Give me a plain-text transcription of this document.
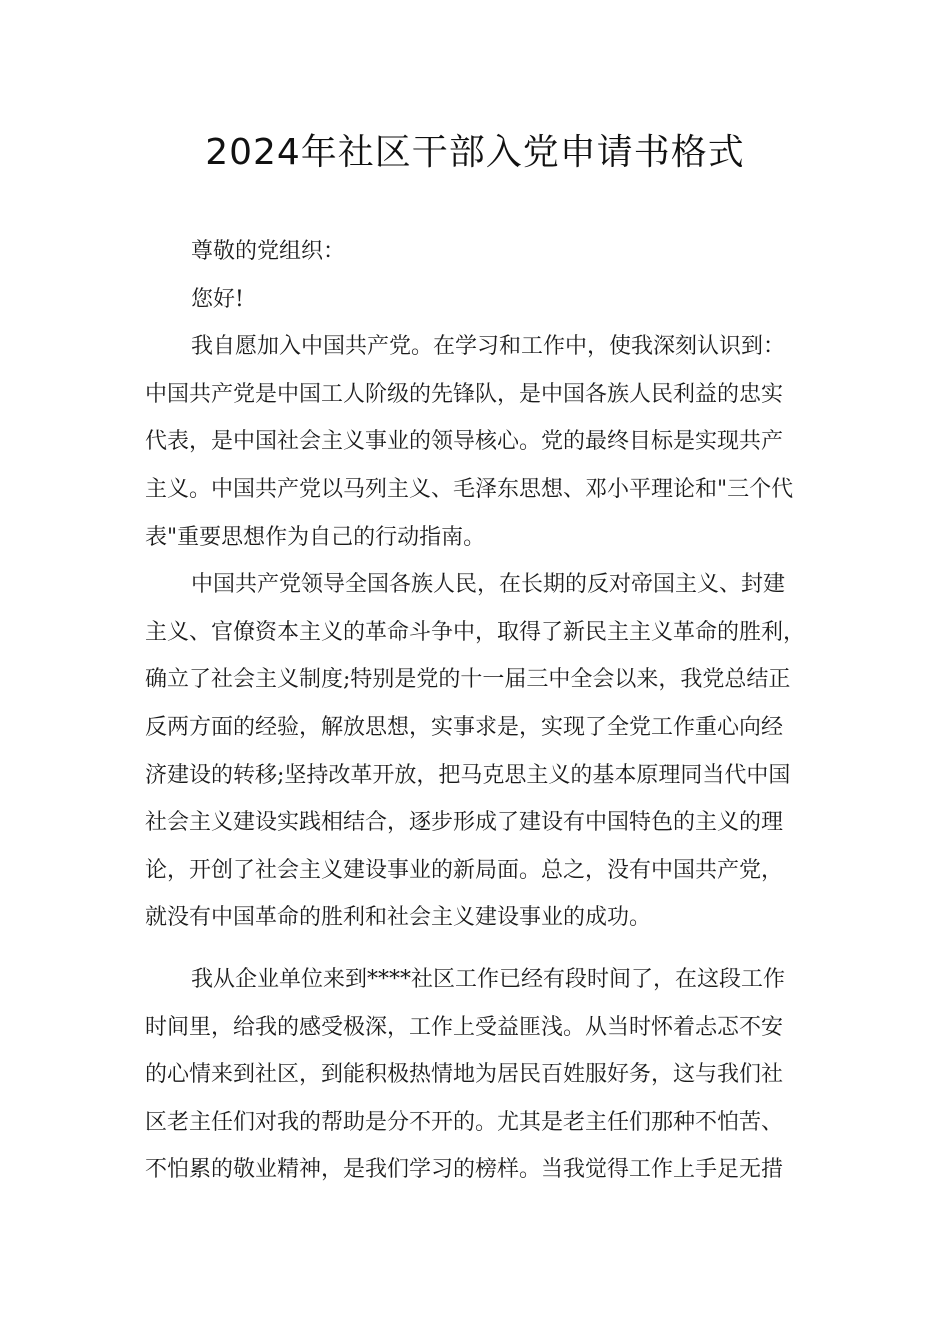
2024年社区干部入党申请书格式
尊敬的党组织：
您好!
我自愿加入中国共产党。在学习和工作中，使我深刻认识到：
中国共产党是中国工人阶级的先锋队，是中国各族人民利益的忠实
代表，是中国社会主义事业的领导核心。党的最终目标是实现共产
主义。中国共产党以马列主义、毛泽东思想、邓小平理论和"三个代
表"重要思想作为自己的行动指南。
中国共产党领导全国各族人民，在长期的反对帝国主义、封建
主义、官僚资本主义的革命斗争中，取得了新民主主义革命的胜利，
确立了社会主义制度;特别是党的十一届三中全会以来，我党总结正
反两方面的经验，解放思想，实事求是，实现了全党工作重心向经
济建设的转移;坚持改革开放，把马克思主义的基本原理同当代中国
社会主义建设实践相结合，逐步形成了建设有中国特色的主义的理
论，开创了社会主义建设事业的新局面。总之，没有中国共产党，
就没有中国革命的胜利和社会主义建设事业的成功。
我从企业单位来到****社区工作已经有段时间了，在这段工作
时间里，给我的感受极深，工作上受益匪浅。从当时怀着忐忑不安
的心情来到社区，到能积极热情地为居民百姓服好务，这与我们社
区老主任们对我的帮助是分不开的。尤其是老主任们那种不怕苦、
不怕累的敬业精神，是我们学习的榜样。当我觉得工作上手足无措
